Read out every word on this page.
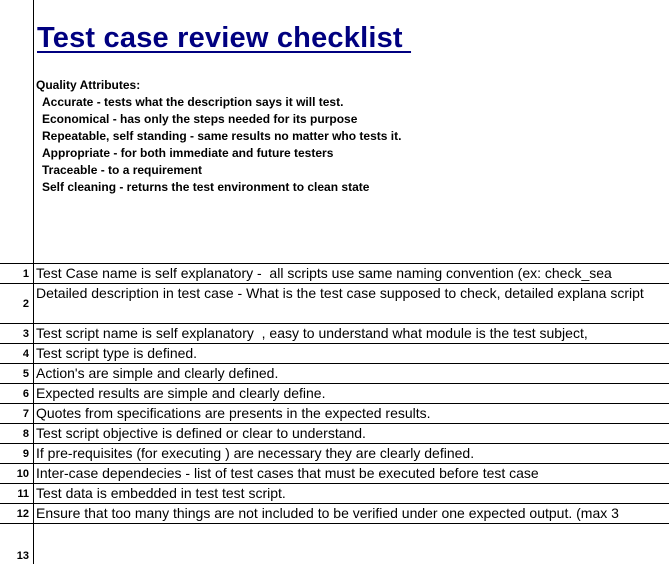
Test case review checklist
Quality Attributes:
Accurate - tests what the description says it will test.
Economical - has only the steps needed for its purpose
Repeatable, self standing - same results no matter who tests it.
Appropriate - for both immediate and future testers
Traceable - to a requirement
Self cleaning - returns the test environment to clean state
1 Test Case name is self explanatory -  all scripts use same naming convention (ex: check_sea
2
Detailed description in test case - What is the test case supposed to check, detailed explana script
3 Test script name is self explanatory  , easy to understand what module is the test subject,
4 Test script type is defined.
5 Action's are simple and clearly defined.
6 Expected results are simple and clearly define.
7 Quotes from specifications are presents in the expected results.
8 Test script objective is defined or clear to understand.
9 If pre-requisites (for executing ) are necessary they are clearly defined.
10 Inter-case dependecies - list of test cases that must be executed before test case
11 Test data is embedded in test test script.
12 Ensure that too many things are not included to be verified under one expected output. (max 3
13
